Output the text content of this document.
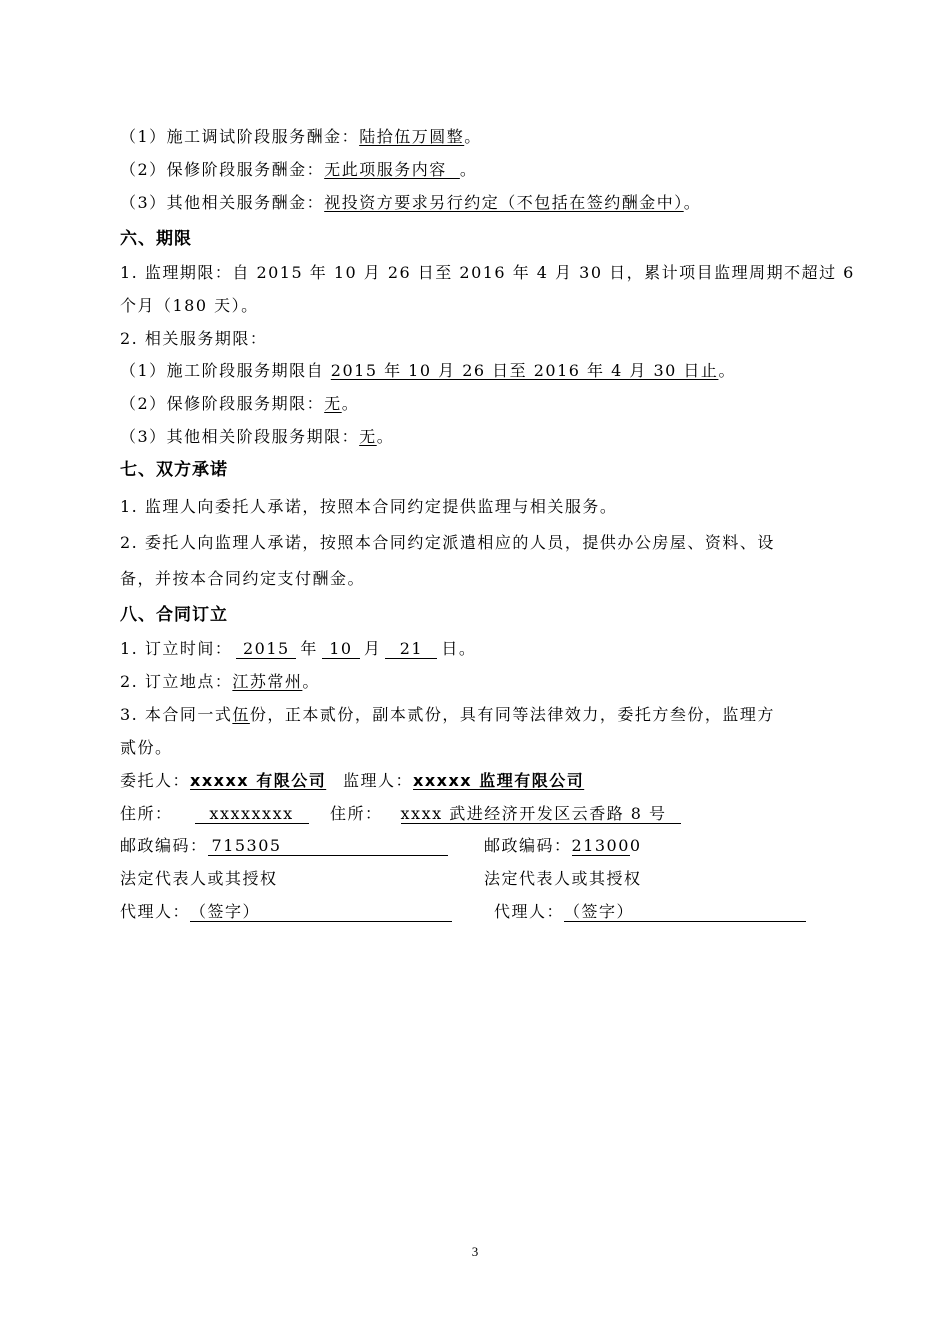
（1）施工调试阶段服务酬金：陆拾伍万圆整。
（2）保修阶段服务酬金：无此项服务内容  。
（3）其他相关服务酬金：视投资方要求另行约定（不包括在签约酬金中）。
六、期限
1. 监理期限：自 2015 年 10 月 26 日至 2016 年 4 月 30 日，累计项目监理周期不超过 6
个月（180 天）。
2. 相关服务期限：
（1）施工阶段服务期限自 2015 年 10 月 26 日至 2016 年 4 月 30 日止。
（2）保修阶段服务期限：无。
（3）其他相关阶段服务期限：无。
七、双方承诺
1. 监理人向委托人承诺，按照本合同约定提供监理与相关服务。
2. 委托人向监理人承诺，按照本合同约定派遣相应的人员，提供办公房屋、资料、设
备，并按本合同约定支付酬金。
八、合同订立
1. 订立时间： 2015 年 10 月 21 日。
2. 订立地点：江苏常州。
3. 本合同一式伍份，正本贰份，副本贰份，具有同等法律效力，委托方叁份，监理方
贰份。
委托人：xxxxx 有限公司 监理人：xxxxx 监理有限公司
住所： xxxxxxxx	住所： xxxx 武进经济开发区云香路 8 号
邮政编码： 715305	邮政编码：213000
法定代表人或其授权	法定代表人或其授权
代理人：（签字）	代理人：（签字）
3
